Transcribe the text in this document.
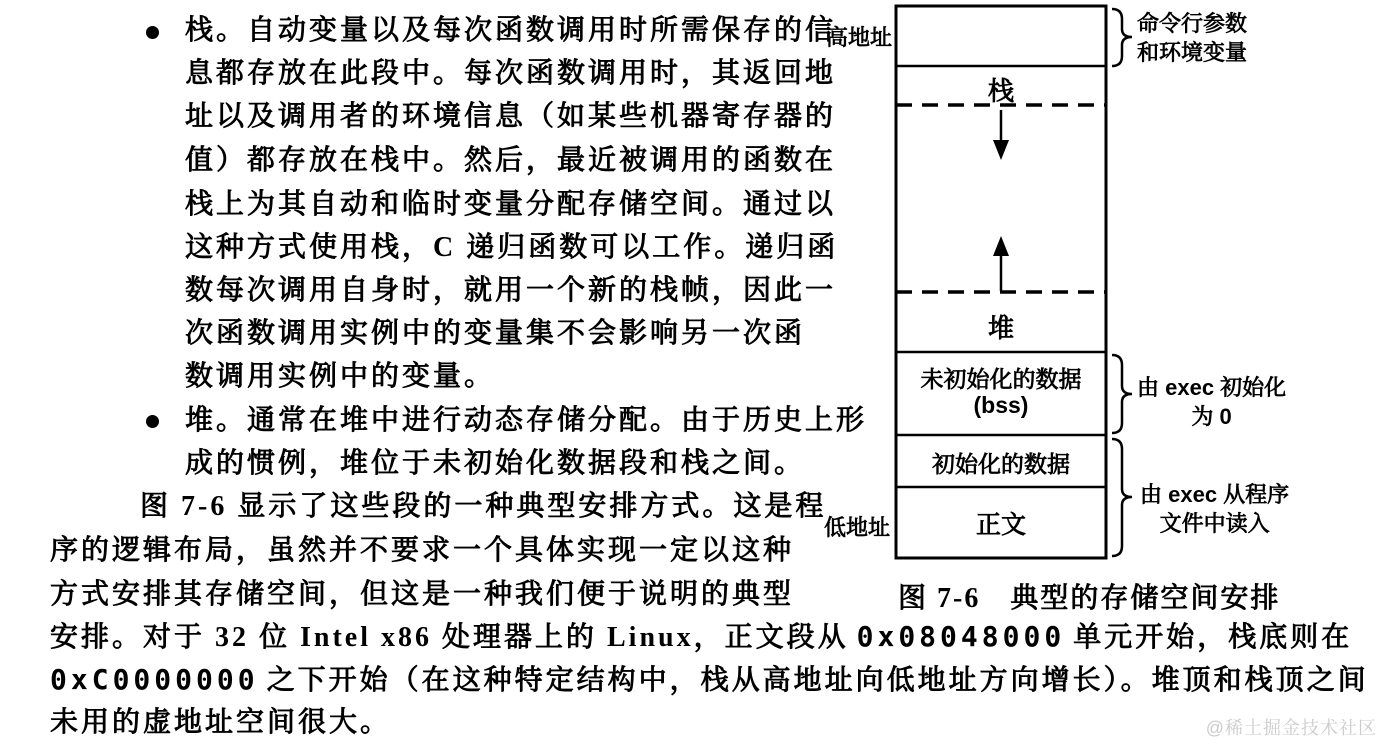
栈。自动变量以及每次函数调用时所需保存的信
息都存放在此段中。每次函数调用时，其返回地
址以及调用者的环境信息（如某些机器寄存器的
值）都存放在栈中。然后，最近被调用的函数在
栈上为其自动和临时变量分配存储空间。通过以
这种方式使用栈，C 递归函数可以工作。递归函
数每次调用自身时，就用一个新的栈帧，因此一
次函数调用实例中的变量集不会影响另一次函
数调用实例中的变量。
堆。通常在堆中进行动态存储分配。由于历史上形
成的惯例，堆位于未初始化数据段和栈之间。
图 7-6 显示了这些段的一种典型安排方式。这是程
序的逻辑布局，虽然并不要求一个具体实现一定以这种
方式安排其存储空间，但这是一种我们便于说明的典型
安排。对于 32 位 Intel x86 处理器上的 Linux，正文段从 0x08048000 单元开始，栈底则在
0xC0000000 之下开始（在这种特定结构中，栈从高地址向低地址方向增长）。堆顶和栈顶之间
未用的虚地址空间很大。
高地址
低地址
栈
堆
未初始化的数据
(bss)
初始化的数据
正文
命令行参数
和环境变量
由 exec 初始化
为 0
由 exec 从程序
文件中读入
图 7-6　典型的存储空间安排
@稀土掘金技术社区
